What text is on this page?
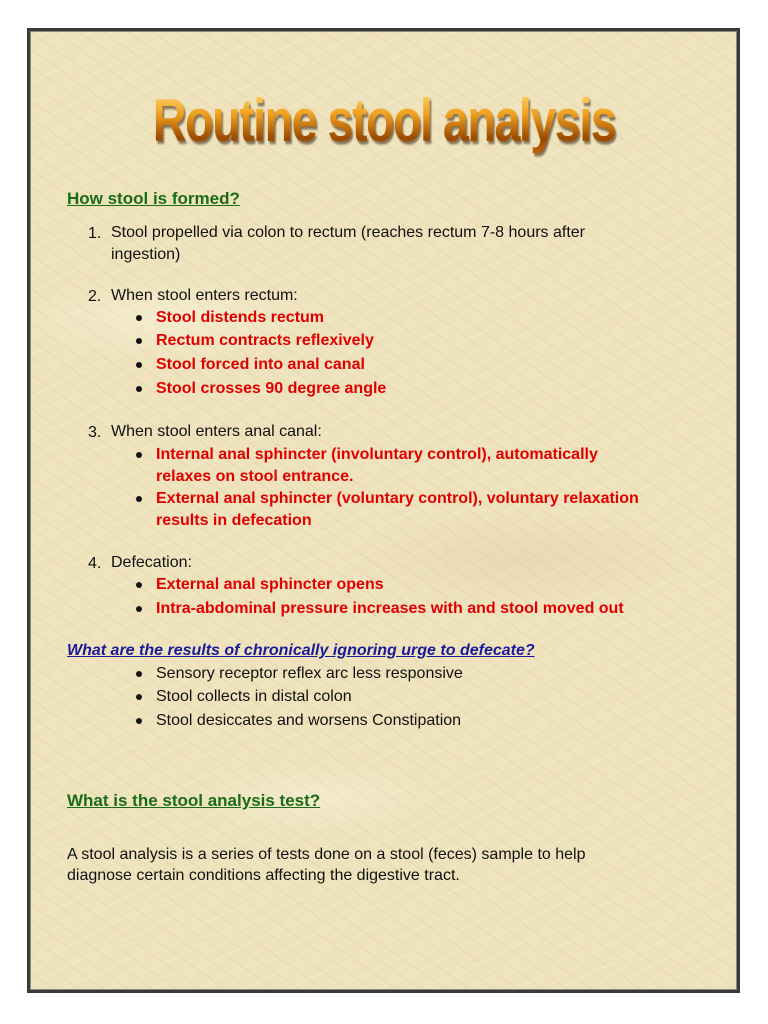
Routine stool analysis

How stool is formed?

1. Stool propelled via colon to rectum (reaches rectum 7-8 hours after
ingestion)
2. When stool enters rectum:
Stool distends rectum
Rectum contracts reflexively
Stool forced into anal canal
Stool crosses 90 degree angle
3. When stool enters anal canal:
Internal anal sphincter (involuntary control), automatically
relaxes on stool entrance.
External anal sphincter (voluntary control), voluntary relaxation
results in defecation
4. Defecation:
External anal sphincter opens
Intra-abdominal pressure increases with and stool moved out
What are the results of chronically ignoring urge to defecate?
Sensory receptor reflex arc less responsive
Stool collects in distal colon
Stool desiccates and worsens Constipation

What is the stool analysis test?

A stool analysis is a series of tests done on a stool (feces) sample to help
diagnose certain conditions affecting the digestive tract.
